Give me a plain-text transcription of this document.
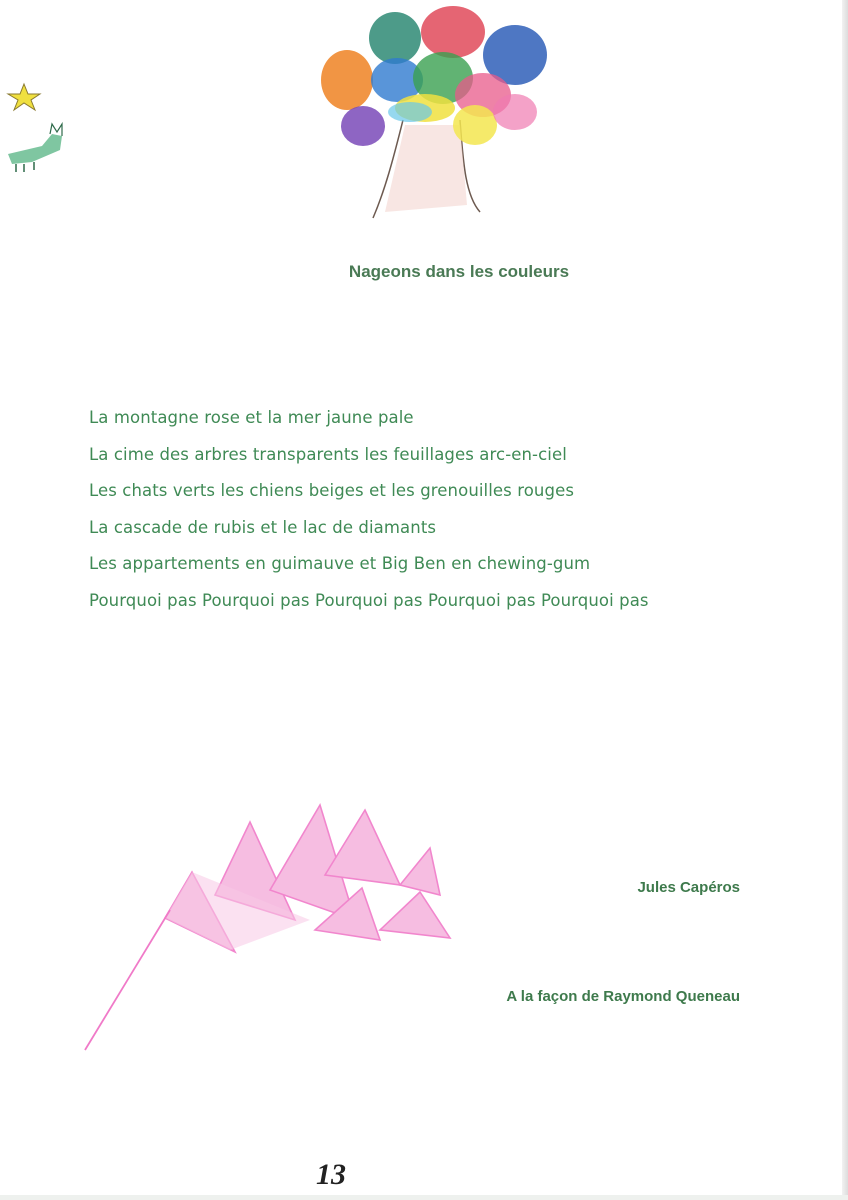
Nageons dans les couleurs
La montagne rose et la mer jaune pale
La cime des arbres transparents les feuillages arc-en-ciel
Les chats verts les chiens beiges et les grenouilles rouges
La cascade de rubis et le lac de diamants
Les appartements en guimauve et Big Ben en chewing-gum
Pourquoi pas Pourquoi pas Pourquoi pas Pourquoi pas Pourquoi pas
Jules Capéros
A la façon de Raymond Queneau
13
